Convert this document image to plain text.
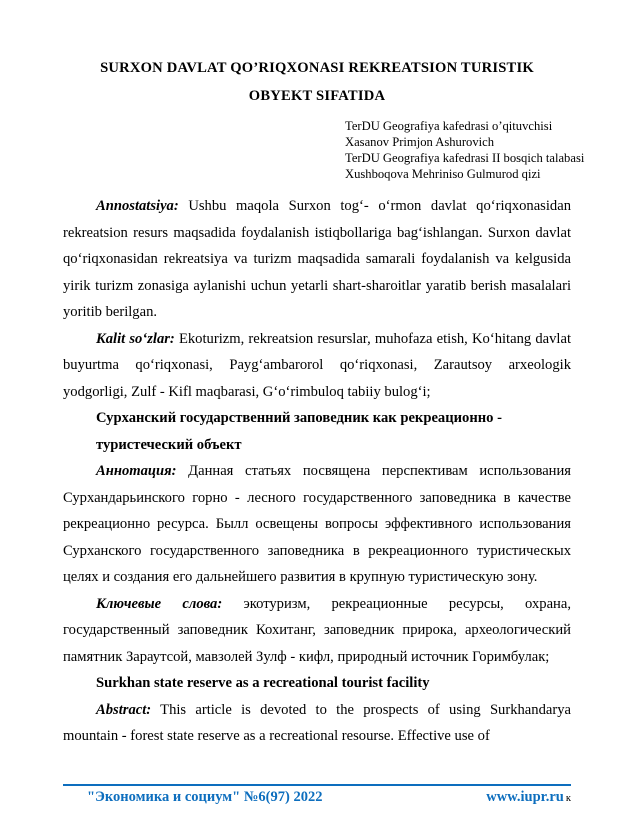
SURXON DAVLAT QO’RIQXONASI REKREATSION TURISTIK
OBYEKT SIFATIDA
TerDU Geografiya kafedrasi o’qituvchisi
Xasanov Primjon Ashurovich
TerDU Geografiya kafedrasi II bosqich talabasi
Xushboqova Mehriniso Gulmurod qizi

Annostatsiya: Ushbu maqola Surxon tog‘- o‘rmon davlat qo‘riqxonasidan rekreatsion resurs maqsadida foydalanish istiqbollariga bag‘ishlangan. Surxon davlat qo‘riqxonasidan rekreatsiya va turizm maqsadida samarali foydalanish va kelgusida yirik turizm zonasiga aylanishi uchun yetarli shart-sharoitlar yaratib berish masalalari yoritib berilgan.

Kalit so‘zlar: Ekoturizm, rekreatsion resurslar, muhofaza etish, Ko‘hitang davlat buyurtma qo‘riqxonasi, Payg‘ambarorol qo‘riqxonasi, Zarautsoy arxeologik yodgorligi, Zulf - Kifl maqbarasi, G‘o‘rimbuloq tabiiy bulog‘i;

Сурханский государственний заповедник как рекреационно -

туристеческий объект

Аннотация: Данная статьях посвящена перспективам использования Сурхандарьинского горно - лесного государственного заповедника в качестве рекреационно ресурса. Былл освещены вопросы эффективного использования Сурханского государственного заповедника в рекреационного туристическых целях и создания его дальнейшего развития в крупную туристическую зону.

Ключевые слова: экотуризм, рекреационные ресурсы, охрана, государственный заповедник Кохитанг, заповедник прирока, археологический памятник Зараутсой, мавзолей Зулф - кифл, природный источник Горимбулак;

Surkhan state reserve as a recreational tourist facility

Abstract: This article is devoted to the prospects of using Surkhandarya mountain - forest state reserve as a recreational resourse. Effective use of

"Экономика и социум" №6(97) 2022	www.iupr.ru к
